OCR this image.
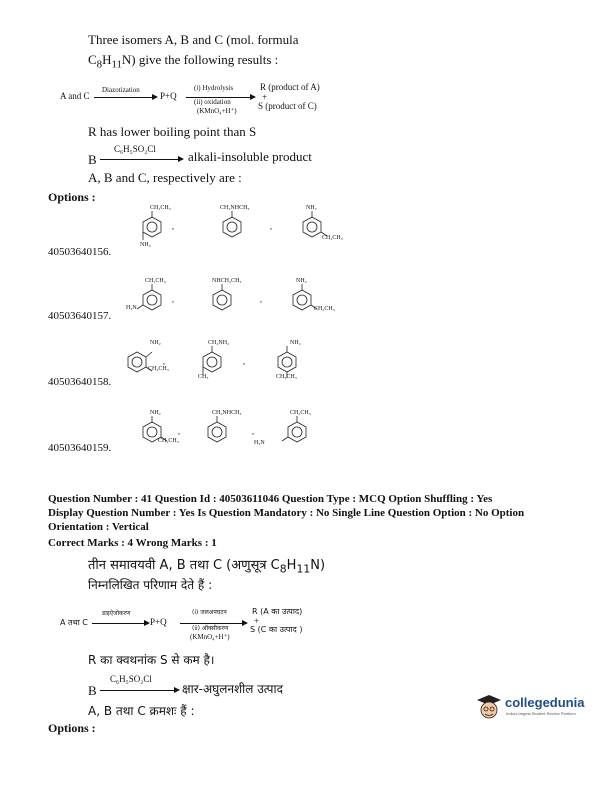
Three isomers A, B and C (mol. formula
$C_8H_{11}N$) give the following results :
A and C
Diazotization
P+Q
(i) Hydrolysis
(ii) oxidation
(KMnO₄+H⁺)
R (product of A)
+
S (product of C)
R has lower boiling point than S
B
C₆H₅SO₂Cl alkali-insoluble product
A, B and C, respectively are :
Options :
40503640156.
,	,
CH₂CH₃
NH₂
CH₂NHCH₃	NH₂
CH₂CH₃
40503640157.
,	,
CH₂CH₃
H₂N
NHCH₂CH₃	NH₂
CH₂CH₃
40503640158.
,	,
NH₂
CH₂CH₃
CH₂NH₂
CH₃
NH₂
CH₂CH₃
40503640159.
,	,
NH₂
CH₂CH₃
CH₂NHCH₃	CH₂CH₃
H₂N
Question Number : 41 Question Id : 40503611046 Question Type : MCQ Option Shuffling : Yes
Display Question Number : Yes Is Question Mandatory : No Single Line Question Option : No Option
Orientation : Vertical
Correct Marks : 4 Wrong Marks : 1
तीन समावयवी A, B तथा C (अणुसूत्र $C_8H_{11}N$)
निम्नलिखित परिणाम देते हैं :
A तथा C
डाइऐजोकरण
P+Q
(i) जलअपघटन
(ii) ऑक्सीकरण
(KMnO₄+H⁺)
R (A का उत्पाद)
+
S (C का उत्पाद )
R का क्वथनांक S से कम है।
B
C₆H₅SO₂Cl
क्षार-अघुलनशील उत्पाद
A, B तथा C क्रमशः हैं :
Options :
collegedunia
India's largest Student Review Platform
